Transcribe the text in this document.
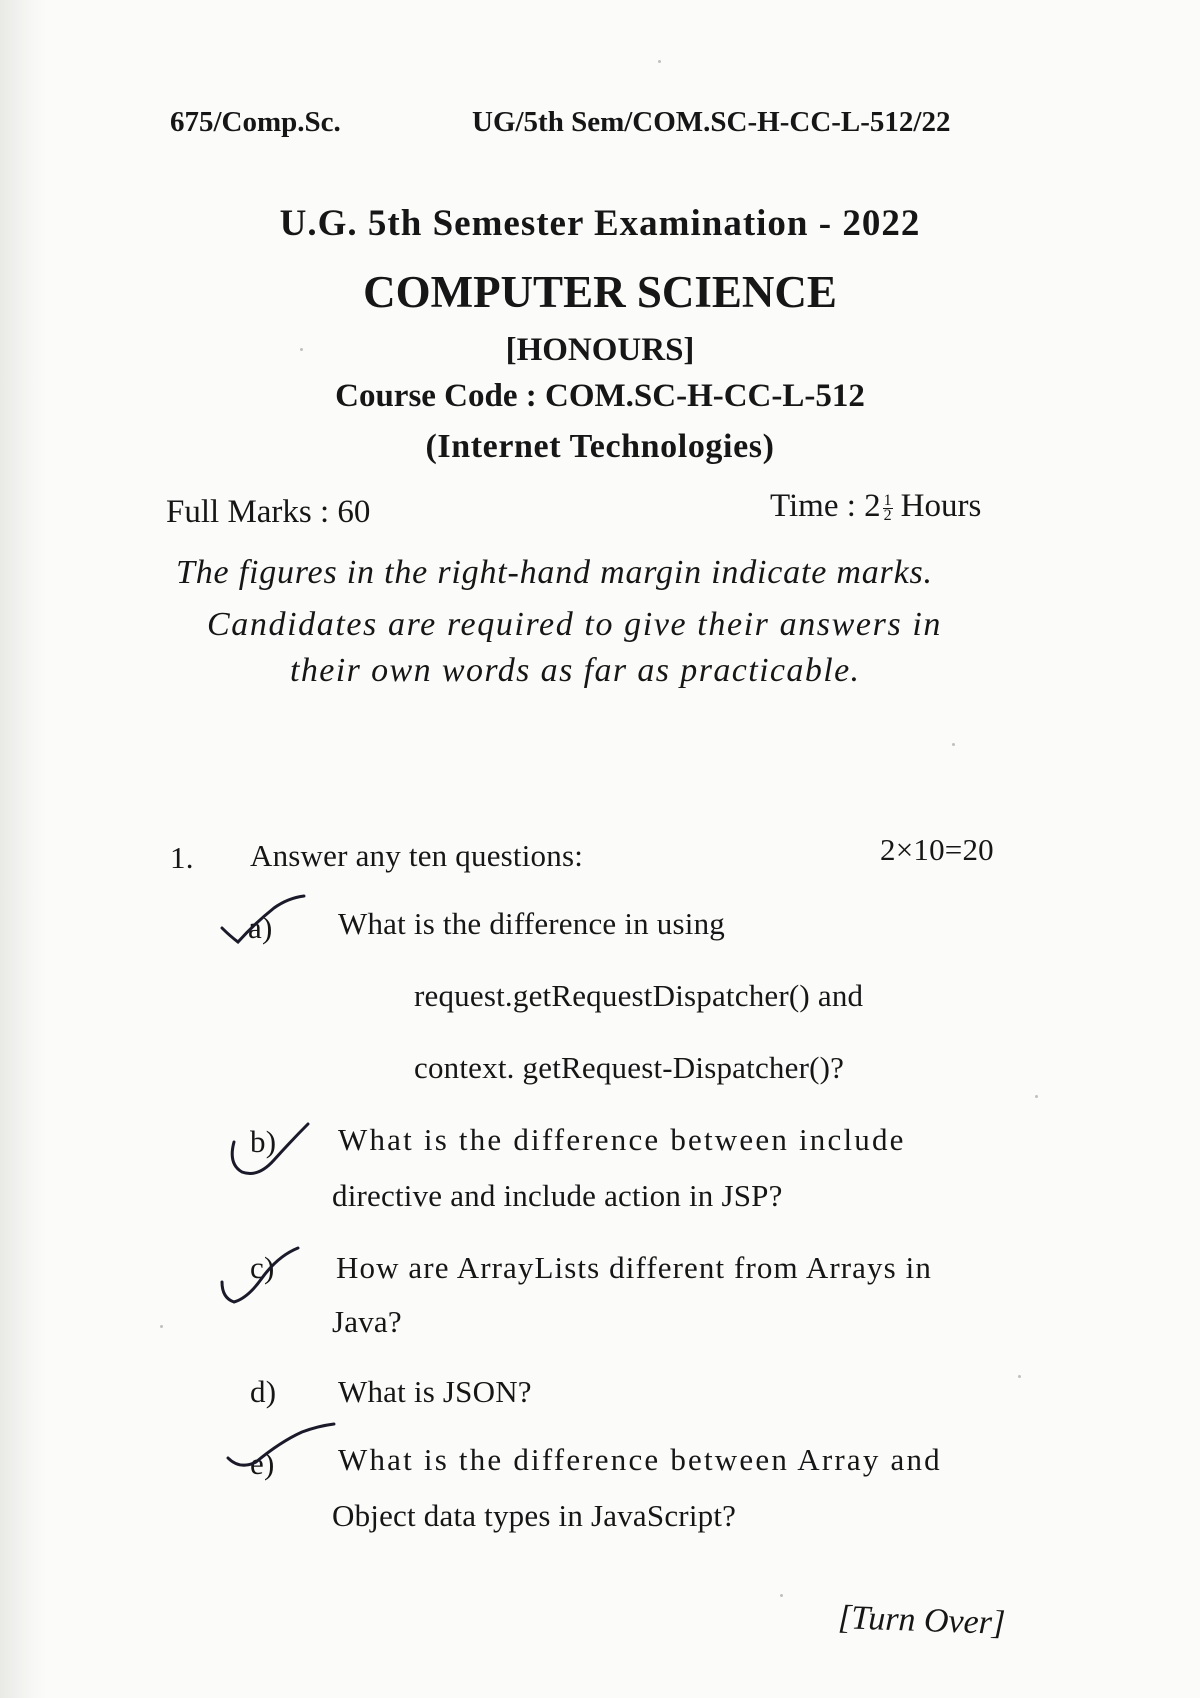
675/Comp.Sc.	UG/5th Sem/COM.SC-H-CC-L-512/22
U.G. 5th Semester Examination - 2022
COMPUTER SCIENCE
[HONOURS]
Course Code : COM.SC-H-CC-L-512
(Internet Technologies)
Full Marks : 60	Time : $2 \frac{1}{2}$ Hours
The figures in the right-hand margin indicate marks.
Candidates are required to give their answers in
their own words as far as practicable.
1. Answer any ten questions:	2×10=20
a) What is the difference in using
request.getRequestDispatcher() and
context. getRequest-Dispatcher()?
b) What is the difference between include
directive and include action in JSP?
c) How are ArrayLists different from Arrays in
Java?
d) What is JSON?
e) What is the difference between Array and
Object data types in JavaScript?
[Turn Over]
